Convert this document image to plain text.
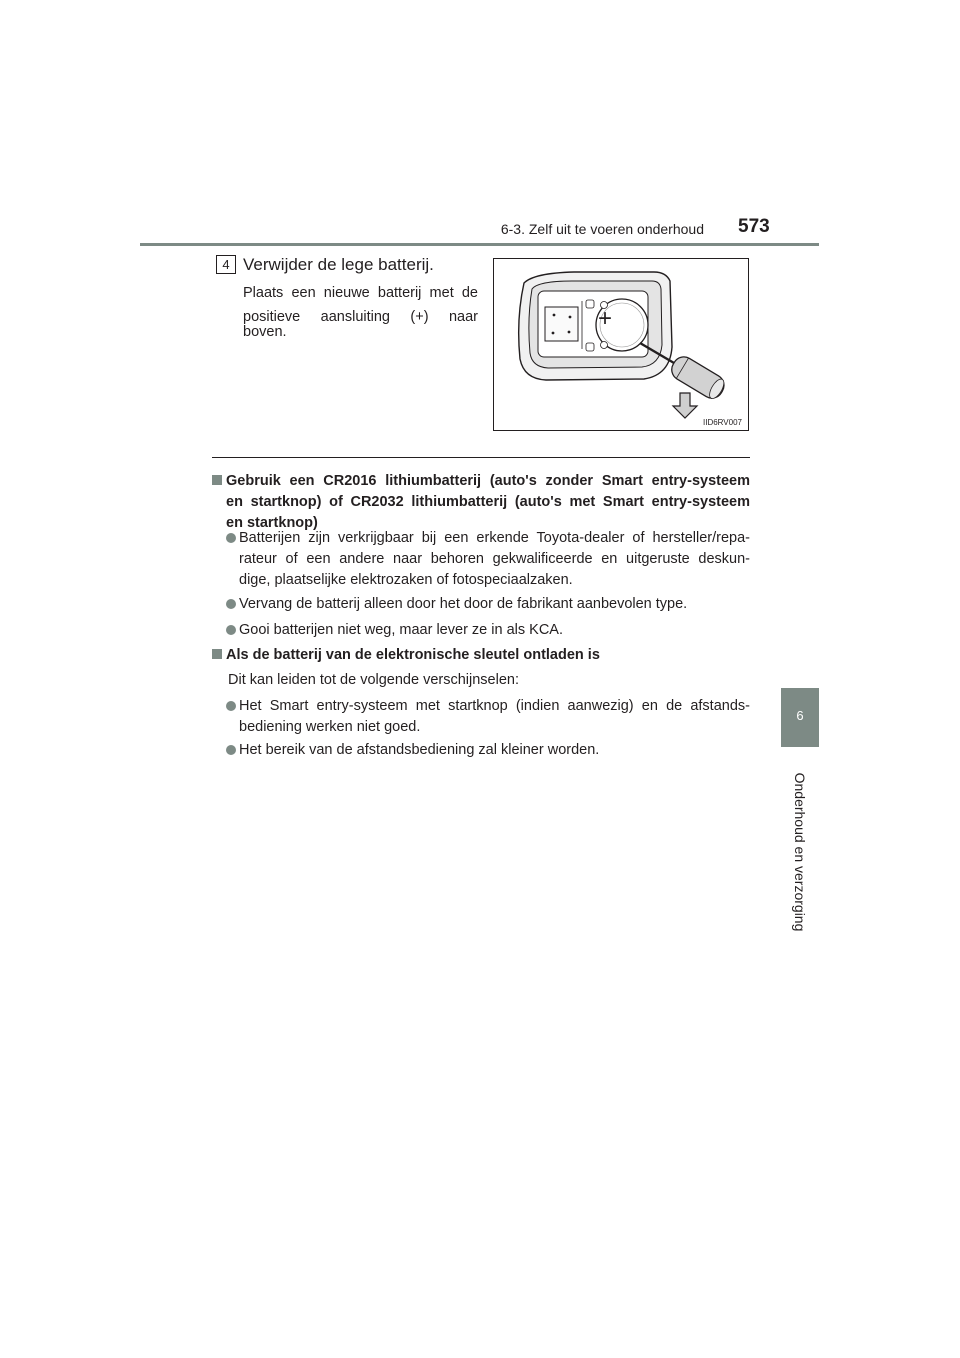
6-3. Zelf uit te voeren onderhoud 573
6
Onderhoud en verzorging
4 Verwijder de lege batterij.
Plaats een nieuwe batterij met de
positieve aansluiting (+) naar
boven.	+
IID6RV007
Gebruik een CR2016 lithiumbatterij (auto's zonder Smart entry-systeem
en startknop) of CR2032 lithiumbatterij (auto's met Smart entry-systeem
en startknop)
Batterijen zijn verkrijgbaar bij een erkende Toyota-dealer of hersteller/repa-
rateur of een andere naar behoren gekwalificeerde en uitgeruste deskun-
dige, plaatselijke elektrozaken of fotospeciaalzaken.
Vervang de batterij alleen door het door de fabrikant aanbevolen type.
Gooi batterijen niet weg, maar lever ze in als KCA.
Als de batterij van de elektronische sleutel ontladen is
Dit kan leiden tot de volgende verschijnselen:
Het Smart entry-systeem met startknop (indien aanwezig) en de afstands-
bediening werken niet goed.
Het bereik van de afstandsbediening zal kleiner worden.
